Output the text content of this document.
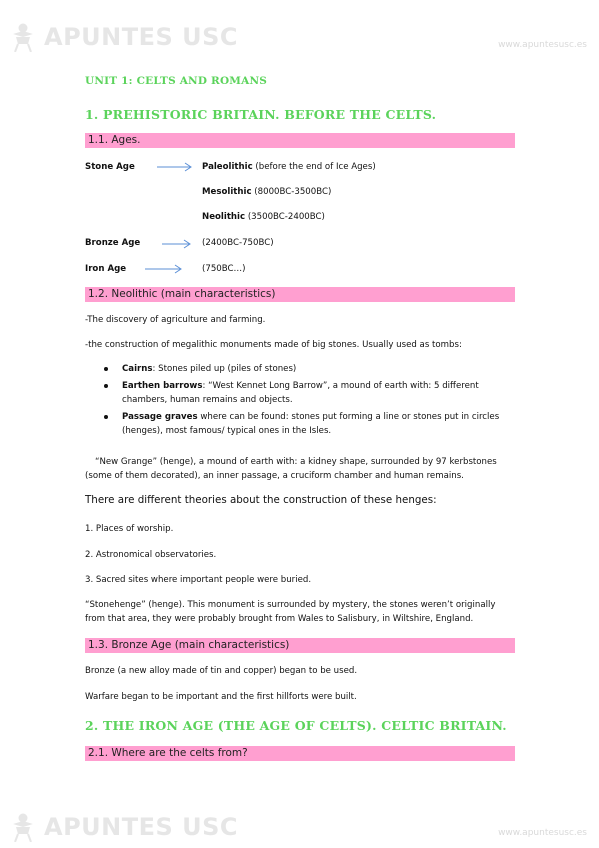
APUNTES USC	www.apuntesusc.es
UNIT 1: CELTS AND ROMANS
1. PREHISTORIC BRITAIN. BEFORE THE CELTS.
1.1. Ages.
Stone Age	Paleolithic (before the end of Ice Ages)
Mesolithic (8000BC-3500BC)
Neolithic (3500BC-2400BC)
Bronze Age	(2400BC-750BC)
Iron Age	(750BC…)
1.2. Neolithic (main characteristics)
-The discovery of agriculture and farming.
-the construction of megalithic monuments made of big stones. Usually used as tombs:
Cairns: Stones piled up (piles of stones)
Earthen barrows: “West Kennet Long Barrow”, a mound of earth with: 5 different chambers, human remains and objects.
Passage graves where can be found: stones put forming a line or stones put in circles (henges), most famous/ typical ones in the Isles.
“New Grange” (henge), a mound of earth with: a kidney shape, surrounded by 97 kerbstones (some of them decorated), an inner passage, a cruciform chamber and human remains.
There are different theories about the construction of these henges:
1. Places of worship.
2. Astronomical observatories.
3. Sacred sites where important people were buried.
“Stonehenge” (henge). This monument is surrounded by mystery, the stones weren’t originally from that area, they were probably brought from Wales to Salisbury, in Wiltshire, England.
1.3. Bronze Age (main characteristics)
Bronze (a new alloy made of tin and copper) began to be used.
Warfare began to be important and the first hillforts were built.
2. THE IRON AGE (THE AGE OF CELTS). CELTIC BRITAIN.
2.1. Where are the celts from?
APUNTES USC	www.apuntesusc.es
